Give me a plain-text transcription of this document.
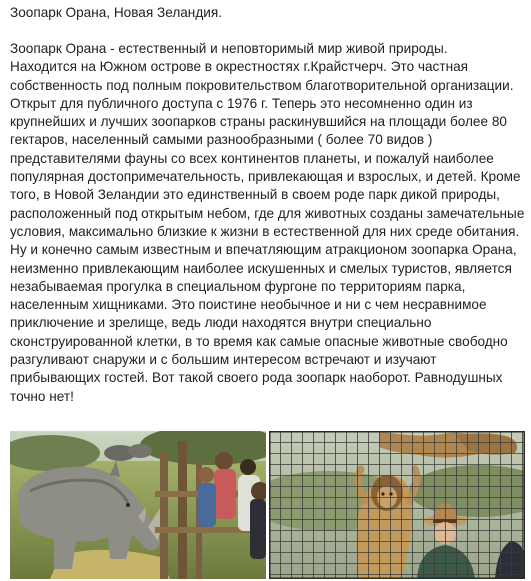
Зоопарк Орана, Новая Зеландия.
Зоопарк Орана - естественный и неповторимый мир живой природы.
Находится на Южном острове в окрестностях г.Крайстчерч. Это частная
собственность под полным покровительством благотворительной организации.
Открыт для публичного доступа с 1976 г. Теперь это несомненно один из
крупнейших и лучших зоопарков страны раскинувшийся на площади более 80
гектаров, населенный самыми разнообразными ( более 70 видов )
представителями фауны со всех континентов планеты, и пожалуй наиболее
популярная достопримечательность, привлекающая и взрослых, и детей. Кроме
того, в Новой Зеландии это единственный в своем роде парк дикой природы,
расположенный под открытым небом, где для животных созданы замечательные
условия, максимально близкие к жизни в естественной для них среде обитания.
Ну и конечно самым известным и впечатляющим атракционом зоопарка Орана,
неизменно привлекающим наиболее искушенных и смелых туристов, является
незабываемая прогулка в специальном фургоне по территориям парка,
населенным хищниками. Это поистине необычное и ни с чем несравнимое
приключение и зрелище, ведь люди находятся внутри специально
сконструированной клетки, в то время как самые опасные животные свободно
разгуливают снаружи и с большим интересом встречают и изучают
прибывающих гостей. Вот такой своего рода зоопарк наоборот. Равнодушных
точно нет!
